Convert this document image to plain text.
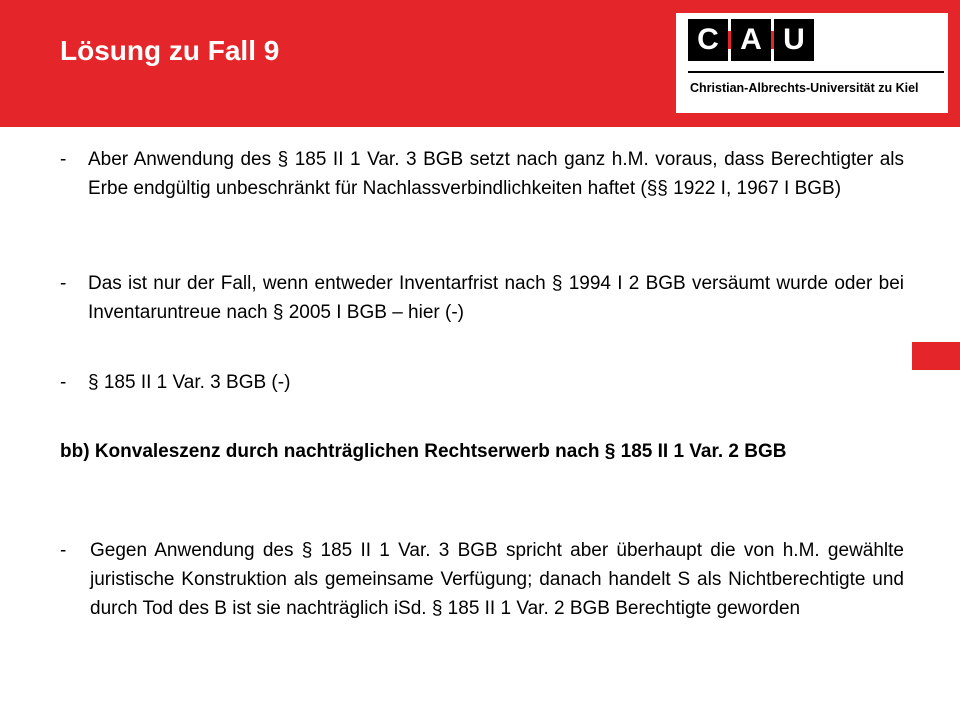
Lösung zu Fall 9	C A U
Christian-Albrechts-Universität zu Kiel
-	Aber Anwendung des § 185 II 1 Var. 3 BGB setzt nach ganz h.M. voraus, dass Berechtigter als Erbe endgültig unbeschränkt für Nachlassverbindlichkeiten haftet (§§ 1922 I, 1967 I BGB)
-	Das ist nur der Fall, wenn entweder Inventarfrist nach § 1994 I 2 BGB versäumt wurde oder bei Inventaruntreue nach § 2005 I BGB – hier (-)
-	§ 185 II 1 Var. 3 BGB (-)
bb) Konvaleszenz durch nachträglichen Rechtserwerb nach § 185 II 1 Var. 2 BGB
-	Gegen Anwendung des § 185 II 1 Var. 3 BGB spricht aber überhaupt die von h.M. gewählte juristische Konstruktion als gemeinsame Verfügung; danach handelt S als Nichtberechtigte und durch Tod des B ist sie nachträglich iSd. § 185 II 1 Var. 2 BGB Berechtigte geworden
